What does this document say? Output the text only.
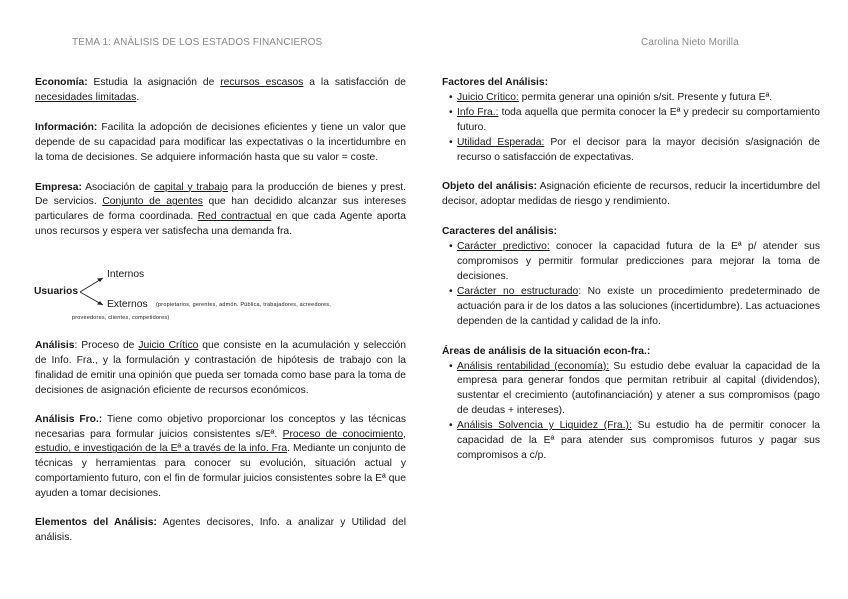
TEMA 1: ANÁLISIS DE LOS ESTADOS FINANCIEROS	Carolina Nieto Morilla

Economía: Estudia la asignación de recursos escasos a la satisfacción de necesidades limitadas.

Información: Facilita la adopción de decisiones eficientes y tiene un valor que depende de su capacidad para modificar las expectativas o la incertidumbre en la toma de decisiones. Se adquiere información hasta que su valor = coste.

Empresa: Asociación de capital y trabajo para la producción de bienes y prest. De servicios. Conjunto de agentes que han decidido alcanzar sus intereses particulares de forma coordinada. Red contractual en que cada Agente aporta unos recursos y espera ver satisfecha una demanda fra.

Usuarios
Internos
Externos (propietarios, gerentes, admón. Pública, trabajadores, acreedores,
proveedores, clientes, competidores)

Análisis: Proceso de Juicio Crítico que consiste en la acumulación y selección de Info. Fra., y la formulación y contrastación de hipótesis de trabajo con la finalidad de emitir una opinión que pueda ser tomada como base para la toma de decisiones de asignación eficiente de recursos económicos.

Análisis Fro.: Tiene como objetivo proporcionar los conceptos y las técnicas necesarias para formular juicios consistentes s/Eª. Proceso de conocimiento, estudio, e investigación de la Eª a través de la info. Fra. Mediante un conjunto de técnicas y herramientas para conocer su evolución, situación actual y comportamiento futuro, con el fin de formular juicios consistentes sobre la Eª que ayuden a tomar decisiones.

Elementos del Análisis: Agentes decisores, Info. a analizar y Utilidad del análisis.

Factores del Análisis:

• Juicio Crítico: permita generar una opinión s/sit. Presente y futura Eª.

• Info Fra.: toda aquella que permita conocer la Eª y predecir su comportamiento futuro.

• Utilidad Esperada: Por el decisor para la mayor decisión s/asignación de recurso o satisfacción de expectativas.

Objeto del análisis: Asignación eficiente de recursos, reducir la incertidumbre del decisor, adoptar medidas de riesgo y rendimiento.

Caracteres del análisis:

• Carácter predictivo: conocer la capacidad futura de la Eª p/ atender sus compromisos y permitir formular predicciones para mejorar la toma de decisiones.

• Carácter no estructurado: No existe un procedimiento predeterminado de actuación para ir de los datos a las soluciones (incertidumbre). Las actuaciones dependen de la cantidad y calidad de la info.

Áreas de análisis de la situación econ-fra.:

• Análisis rentabilidad (economía): Su estudio debe evaluar la capacidad de la empresa para generar fondos que permitan retribuir al capital (dividendos), sustentar el crecimiento (autofinanciación) y atener a sus compromisos (pago de deudas + intereses).

• Análisis Solvencia y Liquidez (Fra.): Su estudio ha de permitir conocer la capacidad de la Eª para atender sus compromisos futuros y pagar sus compromisos a c/p.
